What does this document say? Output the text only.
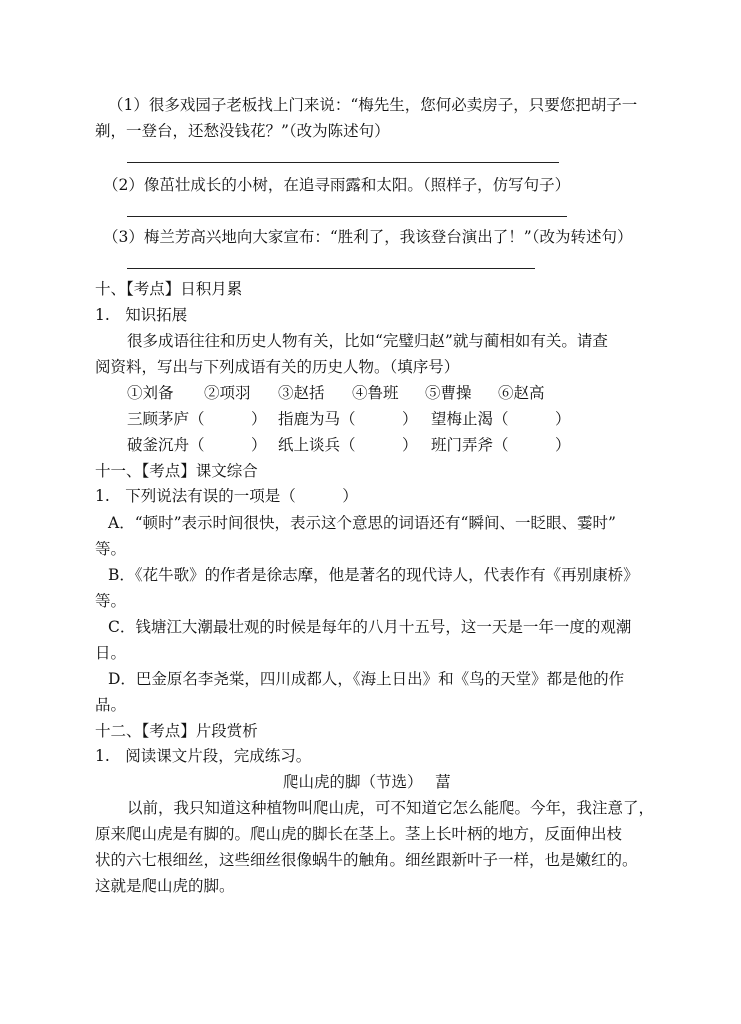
（1）很多戏园子老板找上门来说：“梅先生，您何必卖房子，只要您把胡子一
剃，一登台，还愁没钱花？”（改为陈述句）
（2）像茁壮成长的小树，在追寻雨露和太阳。（照样子，仿写句子）
（3）梅兰芳高兴地向大家宣布：“胜利了，我该登台演出了！”（改为转述句）
十、【考点】日积月累
1.　知识拓展
很多成语往往和历史人物有关，比如“完璧归赵”就与蔺相如有关。请查
阅资料，写出与下列成语有关的历史人物。（填序号）
①刘备 ②项羽 ③赵括 ④鲁班 ⑤曹操 ⑥赵高
三顾茅庐（　　　） 指鹿为马（　　　） 望梅止渴（　　　）
破釜沉舟（　　　） 纸上谈兵（　　　） 班门弄斧（　　　）
十一、【考点】课文综合
1.　下列说法有误的一项是（　　　）
A．“顿时”表示时间很快，表示这个意思的词语还有“瞬间、一眨眼、霎时”
等。
B．《花牛歌》的作者是徐志摩，他是著名的现代诗人，代表作有《再别康桥》
等。
C．钱塘江大潮最壮观的时候是每年的八月十五号，这一天是一年一度的观潮
日。
D．巴金原名李尧棠，四川成都人，《海上日出》和《鸟的天堂》都是他的作
品。
十二、【考点】片段赏析
1.　阅读课文片段，完成练习。
爬山虎的脚（节选）　 葍
以前，我只知道这种植物叫爬山虎，可不知道它怎么能爬。今年，我注意了，
原来爬山虎是有脚的。爬山虎的脚长在茎上。茎上长叶柄的地方，反面伸出枝
状的六七根细丝，这些细丝很像蜗牛的触角。细丝跟新叶子一样，也是嫩红的。
这就是爬山虎的脚。
